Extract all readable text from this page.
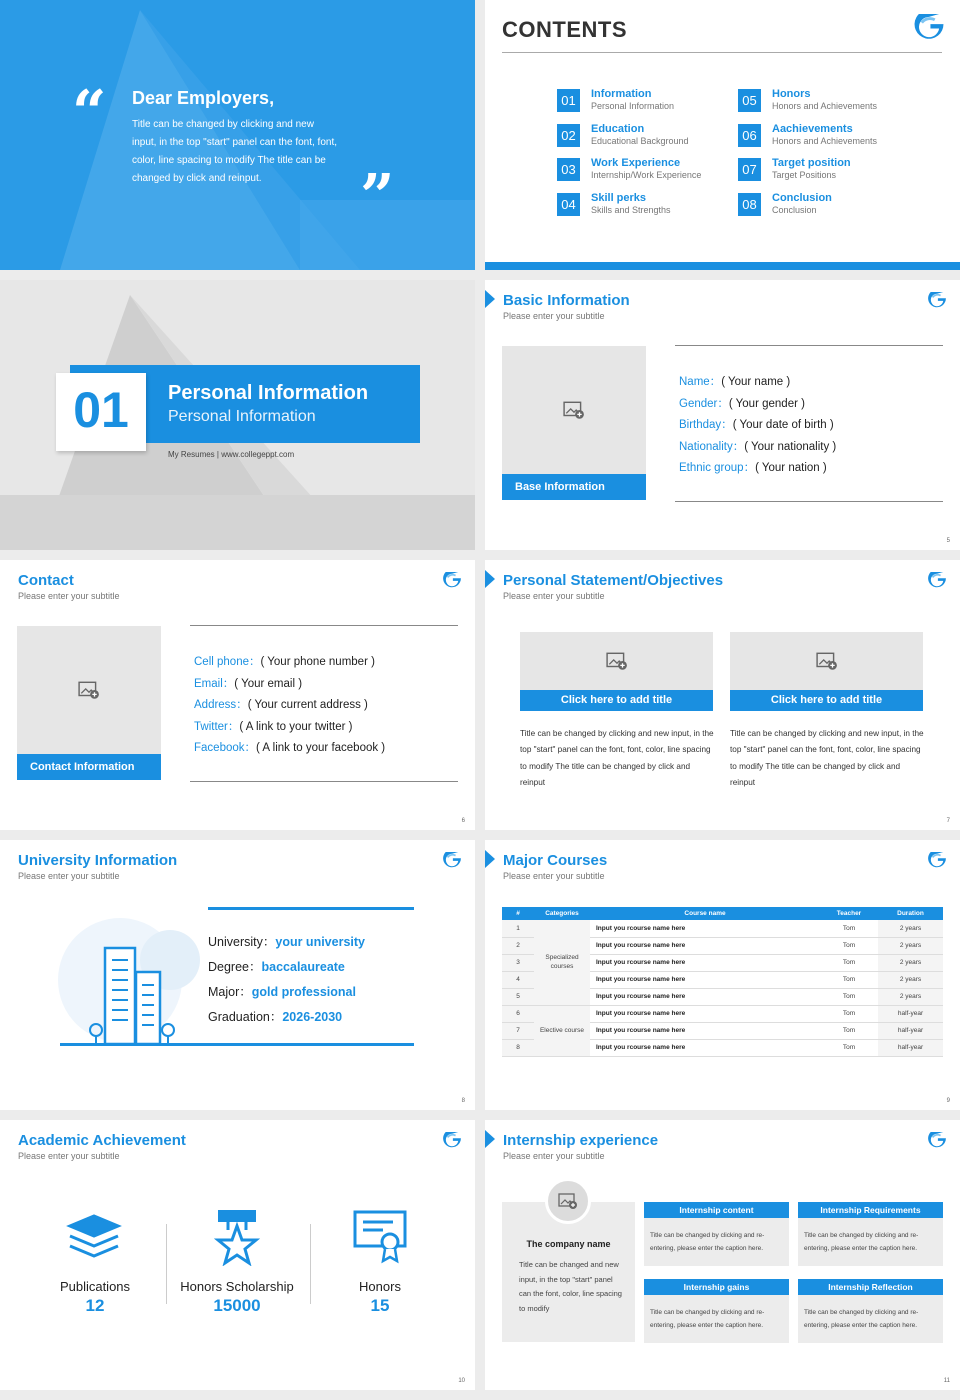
“ Dear Employers,
Title can be changed by clicking and new input, in the top "start" panel can the font, font, color, line spacing to modify The title can be changed by click and reinput.	”
CONTENTS
01	Information
Personal Information
02	Education
Educational Background
03	Work Experience
Internship/Work Experience
04	Skill perks
Skills and Strengths
05	Honors
Honors and Achievements
06	Aachievements
Honors and Achievements
07	Target position
Target Positions
08	Conclusion
Conclusion
01	Personal Information
Personal Information
My Resumes | www.collegeppt.com
Basic Information
Please enter your subtitle
Base Information
Name：( Your name )
Gender：( Your gender )
Birthday：( Your date of birth )
Nationality：( Your nationality )
Ethnic group：( Your nation )
5
Contact
Please enter your subtitle
Contact Information
Cell phone：( Your phone number )
Email：( Your email )
Address：( Your current address )
Twitter：( A link to your twitter )
Facebook：( A link to your facebook )
6
Personal Statement/Objectives
Please enter your subtitle
Click here to add title
Title can be changed by clicking and new input, in the top "start" panel can the font, font, color, line spacing to modify The title can be changed by click and reinput
Click here to add title
Title can be changed by clicking and new input, in the top "start" panel can the font, font, color, line spacing to modify The title can be changed by click and reinput
7
University Information
Please enter your subtitle
University：your university
Degree：baccalaureate
Major：gold professional
Graduation：2026-2030
8
Major Courses
Please enter your subtitle
#	Categories	Course name	Teacher	Duration
1	Specialized courses	Input you rcourse name here	Tom	2 years
2		Input you rcourse name here	Tom	2 years
3		Input you rcourse name here	Tom	2 years
4		Input you rcourse name here	Tom	2 years
5		Input you rcourse name here	Tom	2 years
6	Elective course	Input you rcourse name here	Tom	half-year
7		Input you rcourse name here	Tom	half-year
8		Input you rcourse name here	Tom	half-year
9
Academic Achievement
Please enter your subtitle
Publications
12
Honors Scholarship
15000
Honors
15
10
Internship experience
Please enter your subtitle
The company name
Title can be changed and new input, in the top "start" panel can the font, color, line spacing to modify
Internship content
Title can be changed by clicking and re-entering, please enter the caption here.
Internship Requirements
Title can be changed by clicking and re-entering, please enter the caption here.
Internship gains
Title can be changed by clicking and re-entering, please enter the caption here.
Internship Reflection
Title can be changed by clicking and re-entering, please enter the caption here.
11
